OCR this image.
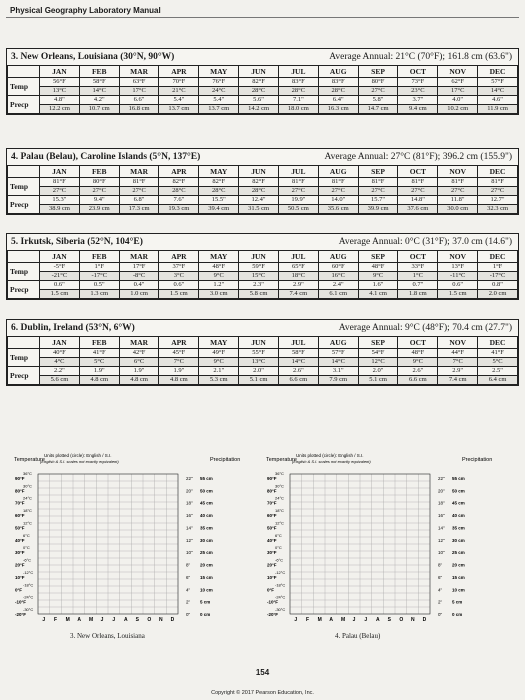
Physical Geography Laboratory Manual
3. New Orleans, Louisiana (30°N, 90°W)	Average Annual: 21°C (70°F); 161.8 cm (63.6")
	JAN	FEB	MAR	APR	MAY	JUN	JUL	AUG	SEP	OCT	NOV	DEC
Temp	56°F	58°F	63°F	70°F	76°F	82°F	83°F	83°F	80°F	73°F	62°F	57°F
	13°C	14°C	17°C	21°C	24°C	28°C	28°C	28°C	27°C	23°C	17°C	14°C
Precp	4.8"	4.2"	6.6"	5.4"	5.4"	5.6"	7.1"	6.4"	5.8"	3.7"	4.0"	4.6"
	12.2 cm	10.7 cm	16.8 cm	13.7 cm	13.7 cm	14.2 cm	18.0 cm	16.3 cm	14.7 cm	9.4 cm	10.2 cm	11.9 cm
4. Palau (Belau), Caroline Islands (5°N, 137°E)	Average Annual: 27°C (81°F); 396.2 cm (155.9")
	JAN	FEB	MAR	APR	MAY	JUN	JUL	AUG	SEP	OCT	NOV	DEC
Temp	81°F	80°F	81°F	82°F	82°F	82°F	81°F	81°F	81°F	81°F	81°F	81°F
	27°C	27°C	27°C	28°C	28°C	28°C	27°C	27°C	27°C	27°C	27°C	27°C
Precp	15.3"	9.4"	6.8"	7.6"	15.5"	12.4"	19.9"	14.0"	15.7"	14.8"	11.8"	12.7"
	38.9 cm	23.9 cm	17.3 cm	19.3 cm	39.4 cm	31.5 cm	50.5 cm	35.6 cm	39.9 cm	37.6 cm	30.0 cm	32.3 cm
5. Irkutsk, Siberia (52°N, 104°E)	Average Annual: 0°C (31°F); 37.0 cm (14.6")
	JAN	FEB	MAR	APR	MAY	JUN	JUL	AUG	SEP	OCT	NOV	DEC
Temp	-5°F	1°F	17°F	37°F	48°F	59°F	65°F	60°F	48°F	33°F	13°F	1°F
	-21°C	-17°C	-8°C	3°C	9°C	15°C	18°C	16°C	9°C	1°C	-11°C	-17°C
Precp	0.6"	0.5"	0.4"	0.6"	1.2"	2.3"	2.9"	2.4"	1.6"	0.7"	0.6"	0.8"
	1.5 cm	1.3 cm	1.0 cm	1.5 cm	3.0 cm	5.8 cm	7.4 cm	6.1 cm	4.1 cm	1.8 cm	1.5 cm	2.0 cm
6. Dublin, Ireland (53°N, 6°W)	Average Annual: 9°C (48°F); 70.4 cm (27.7")
	JAN	FEB	MAR	APR	MAY	JUN	JUL	AUG	SEP	OCT	NOV	DEC
Temp	40°F	41°F	42°F	45°F	49°F	55°F	58°F	57°F	54°F	48°F	44°F	41°F
	4°C	5°C	6°C	7°C	9°C	13°C	14°C	14°C	12°C	9°C	7°C	5°C
Precp	2.2"	1.9"	1.9"	1.9"	2.1"	2.0"	2.6"	3.1"	2.0"	2.6"	2.9"	2.5"
	5.6 cm	4.8 cm	4.8 cm	4.8 cm	5.3 cm	5.1 cm	6.6 cm	7.9 cm	5.1 cm	6.6 cm	7.4 cm	6.4 cm
Temperature
Units plotted (circle): English / S.I.
(English & S.I. scales not exactly equivalent)	Precipitation
90°F
36°C
22" 55 cm
80°F
30°C
20" 50 cm
70°F
24°C
18" 45 cm
60°F
18°C
16" 40 cm
50°F
12°C
14" 35 cm
40°F
6°C
12" 30 cm
30°F
0°C
10" 25 cm
20°F
-6°C
8" 20 cm
10°F
-12°C
6" 15 cm
0°F
-18°C
4" 10 cm
-10°F
-24°C
2" 5 cm
-20°F
-30°C
0" 0 cm
J F M A M J J A S O N D
Temperature
Units plotted (circle): English / S.I.
(English & S.I. scales not exactly equivalent)	Precipitation
90°F
36°C
22" 55 cm
80°F
30°C
20" 50 cm
70°F
24°C
18" 45 cm
60°F
18°C
16" 40 cm
50°F
12°C
14" 35 cm
40°F
6°C
12" 30 cm
30°F
0°C
10" 25 cm
20°F
-6°C
8" 20 cm
10°F
-12°C
6" 15 cm
0°F
-18°C
4" 10 cm
-10°F
-24°C
2" 5 cm
-20°F
-30°C
0" 0 cm
J F M A M J J A S O N D
3. New Orleans, Louisiana	4. Palau (Belau)
154
Copyright © 2017 Pearson Education, Inc.
